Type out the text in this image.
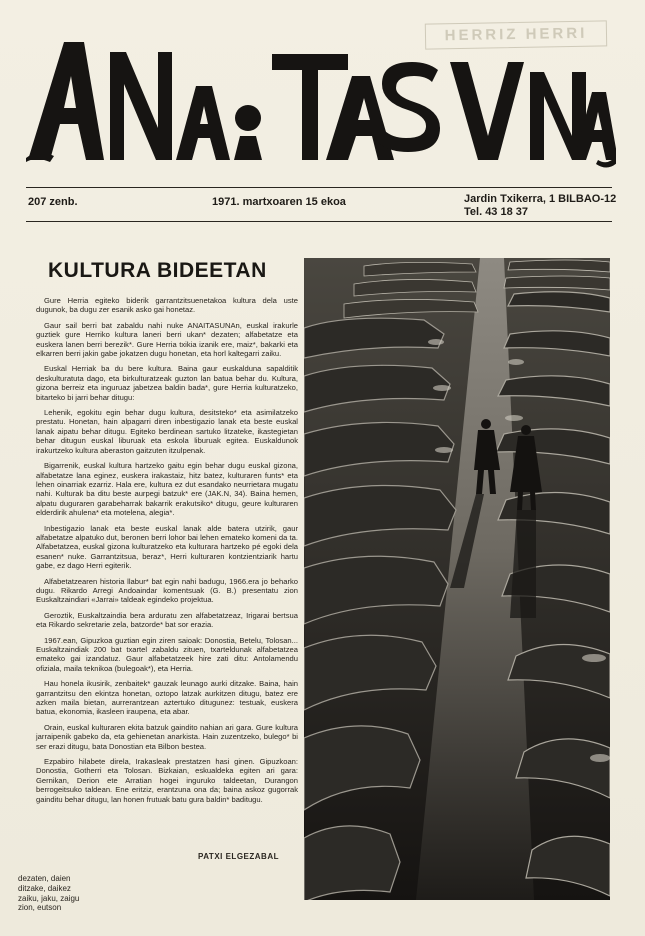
HERRIZ HERRI
207 zenb.	1971. martxoaren 15 ekoa	Jardin Txikerra, 1 BILBAO-12
Tel. 43 18 37
KULTURA BIDEETAN

Gure Herria egiteko biderik garrantzitsuenetakoa kultura dela uste dugunok, ba dugu zer esanik asko gai honetaz.

Gaur sail berri bat zabaldu nahi nuke ANAITASUNAn, euskal irakurle guztiek gure Herriko kultura laneri berri ukan* dezaten; alfabetatze eta euskera lanen berri berezik*. Gure Herria txikia izanik ere, maiz*, bakarki eta elkarren berri jakin gabe jokatzen dugu honetan, eta horl kaltegarri zaiku.

Euskal Herriak ba du bere kultura. Baina gaur euskalduna sapalditik deskulturatuta dago, eta birkulturatzeak guzton lan batua behar du. Kultura, gizona berreiz eta inguruaz jabetzea baldin bada*, gure Herria kulturatzeko, bitarteko bi jarri behar ditugu:

Lehenik, egokitu egin behar dugu kultura, desitsteko* eta asimilatzeko prestatu. Honetan, hain alpagarri diren inbestigazio lanak eta beste euskal lanak aipatu behar ditugu. Egiteko berdinean sartuko litzateke, ikastegietan behar ditugun euskal liburuak eta eskola liburuak egitea. Euskaldunok irakurtzeko kultura aberaston gaitzuten itzulpenak.

Bigarrenik, euskal kultura hartzeko gaitu egin behar dugu euskal gizona, alfabetatze lana eginez, euskera irakastaiz, hitz batez, kulturaren funts* eta lehen oinarriak ezarriz. Hala ere, kultura ez dut esandako neurrietara mugatu nahi. Kulturak ba ditu beste aurpegi batzuk* ere (JAK.N, 34). Baina hemen, alpatu duguraren garabeharrak bakarrik erakutsiko* ditugu, geure kulturaren elderdirik ahulena* eta motelena, alegia*.

Inbestigazio lanak eta beste euskal lanak alde batera utzirik, gaur alfabetatze alpatuko dut, beronen berri lohor bai lehen emateko komeni da ta. Alfabetatzea, euskal gizona kulturatzeko eta kulturara hartzeko pé egoki dela esanen* nuke. Garrantzitsua, beraz*, Herri kulturaren kontzientziarik hartu gabe, ez dago Herri egiterik.

Alfabetatzearen historia llabur* bat egin nahi badugu, 1966.era jo beharko dugu. Rikardo Arregi Andoaindar komentsuak (G. B.) presentatu zion Euskaltzaindiari «Jarrai» taldeak egindeko projektua.

Geroztik, Euskaltzaindia bera arduratu zen alfabetatzeaz, Irigarai bertsua eta Rikardo sekretarie zela, batzorde* bat sor erazia.

1967.ean, Gipuzkoa guztian egin ziren saioak: Donostia, Betelu, Tolosan... Euskaltzaindiak 200 bat txartel zabaldu zituen, txarteldunak alfabetatzea emateko gai izandatuz. Gaur alfabetatzeek hire zati ditu: Antolamendu ofiziala, maila teknikoa (bulegoak*), eta Herria.

Hau honela ikusirik, zenbaitek* gauzak leunago aurki ditzake. Baina, hain garrantzitsu den ekintza honetan, oztopo latzak aurkitzen ditugu, batez ere azken maila bietan, aurrerantzean aztertuko ditugunez: testuak, euskera batua, ekonomia, ikasleen iraupena, eta abar.

Orain, euskal kulturaren ekita batzuk gaindito nahian ari gara. Gure kultura jarraipenik gabeko da, eta gehienetan anarkista. Hain zuzentzeko, bulego* bi ser erazi ditugu, bata Donostian eta Bilbon bestea.

Ezpabiro hilabete direla, Irakasleak prestatzen hasi ginen. Gipuzkoan: Donostia, Gotherri eta Tolosan. Bizkaian, eskualdeka egiten ari gara: Gernikan, Derion ete Arratian hogei inguruko taldeetan, Durangon berrogeitsuko taldean. Ene eritziz, erantzuna ona da; baina askoz gugorrak gainditu behar ditugu, lan honen frutuak batu gura baldin* baditugu.

PATXI ELGEZABAL
dezaten, daien
ditzake, daikez
zaiku, jaku, zaigu
zion, eutson
